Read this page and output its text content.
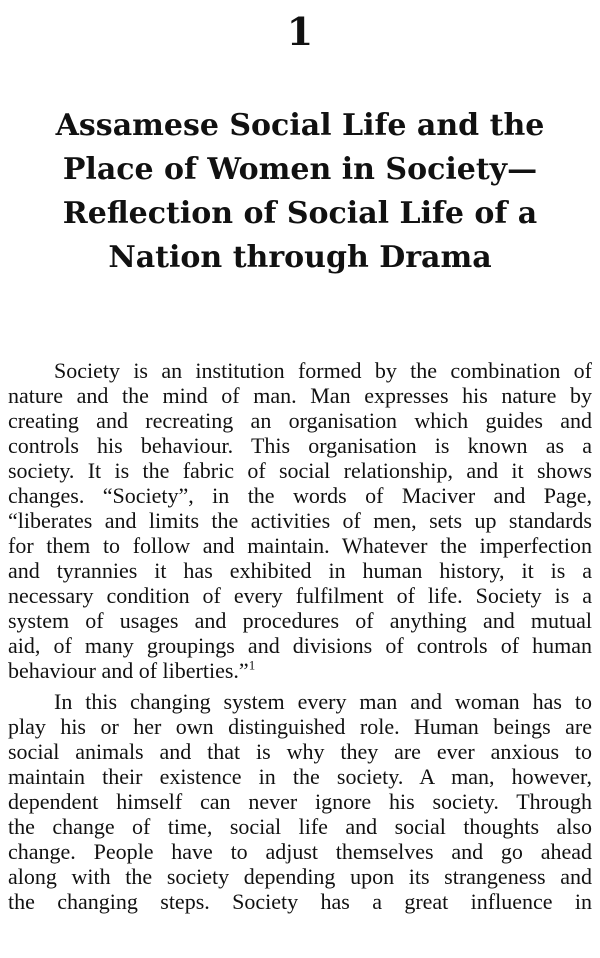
1
Assamese Social Life and the
Place of Women in Society—
Reflection of Social Life of a
Nation through Drama

Society is an institution formed by the combination of
nature and the mind of man. Man expresses his nature by
creating and recreating an organisation which guides and
controls his behaviour. This organisation is known as a
society. It is the fabric of social relationship, and it shows
changes. “Society”, in the words of Maciver and Page,
“liberates and limits the activities of men, sets up standards
for them to follow and maintain. Whatever the imperfection
and tyrannies it has exhibited in human history, it is a
necessary condition of every fulfilment of life. Society is a
system of usages and procedures of anything and mutual
aid, of many groupings and divisions of controls of human
behaviour and of liberties.”$^1$

In this changing system every man and woman has to
play his or her own distinguished role. Human beings are
social animals and that is why they are ever anxious to
maintain their existence in the society. A man, however,
dependent himself can never ignore his society. Through
the change of time, social life and social thoughts also
change. People have to adjust themselves and go ahead
along with the society depending upon its strangeness and
the changing steps. Society has a great influence in
